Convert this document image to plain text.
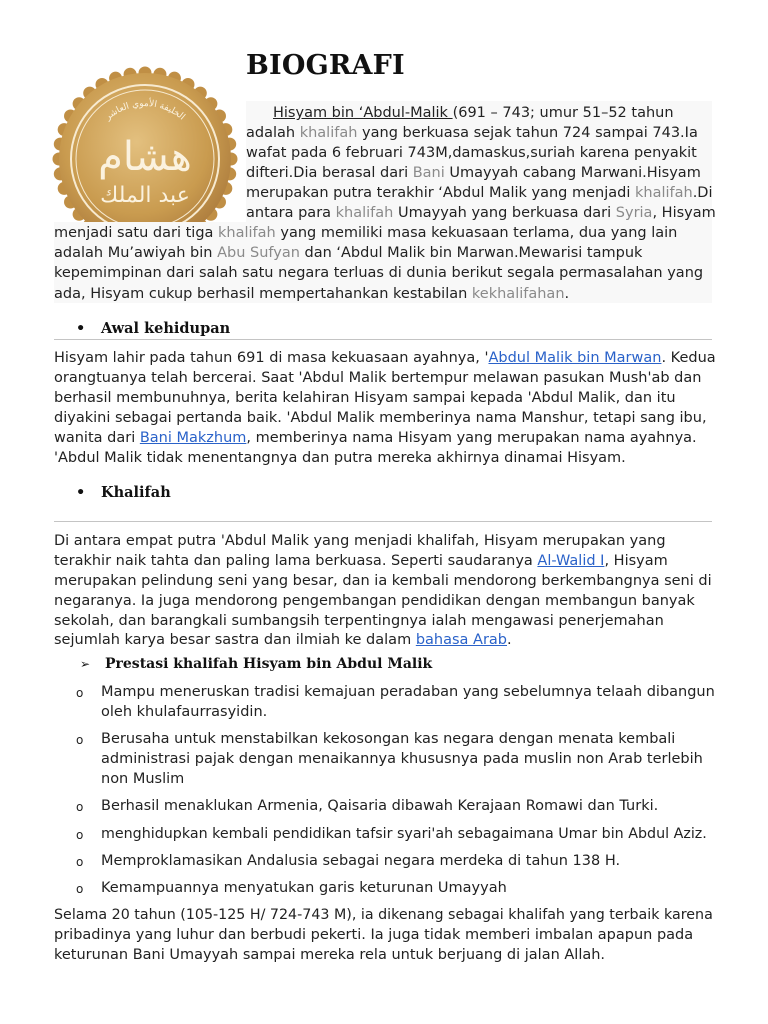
الخليفة الأموي العاشر
هشام
عبد الملك
BIOGRAFI
Hisyam bin ‘Abdul-Malik (691 – 743; umur 51–52 tahun
adalah khalifah yang berkuasa sejak tahun 724 sampai 743.Ia
wafat pada 6 februari 743M,damaskus,suriah karena penyakit
difteri.Dia berasal dari Bani Umayyah cabang Marwani.Hisyam
merupakan putra terakhir ‘Abdul Malik yang menjadi khalifah.Di
antara para khalifah Umayyah yang berkuasa dari Syria, Hisyam
menjadi satu dari tiga khalifah yang memiliki masa kekuasaan terlama, dua yang lain
adalah Mu’awiyah bin Abu Sufyan dan ‘Abdul Malik bin Marwan.Mewarisi tampuk
kepemimpinan dari salah satu negara terluas di dunia berikut segala permasalahan yang
ada, Hisyam cukup berhasil mempertahankan kestabilan kekhalifahan.
• Awal kehidupan
Hisyam lahir pada tahun 691 di masa kekuasaan ayahnya, 'Abdul Malik bin Marwan. Kedua
orangtuanya telah bercerai. Saat 'Abdul Malik bertempur melawan pasukan Mush'ab dan
berhasil membunuhnya, berita kelahiran Hisyam sampai kepada 'Abdul Malik, dan itu
diyakini sebagai pertanda baik. 'Abdul Malik memberinya nama Manshur, tetapi sang ibu,
wanita dari Bani Makzhum, memberinya nama Hisyam yang merupakan nama ayahnya.
'Abdul Malik tidak menentangnya dan putra mereka akhirnya dinamai Hisyam.
• Khalifah
Di antara empat putra 'Abdul Malik yang menjadi khalifah, Hisyam merupakan yang
terakhir naik tahta dan paling lama berkuasa. Seperti saudaranya Al-Walid I, Hisyam
merupakan pelindung seni yang besar, dan ia kembali mendorong berkembangnya seni di
negaranya. Ia juga mendorong pengembangan pendidikan dengan membangun banyak
sekolah, dan barangkali sumbangsih terpentingnya ialah mengawasi penerjemahan
sejumlah karya besar sastra dan ilmiah ke dalam bahasa Arab.
➢ Prestasi khalifah Hisyam bin Abdul Malik
o Mampu meneruskan tradisi kemajuan peradaban yang sebelumnya telaah dibangun
oleh khulafaurrasyidin.
o Berusaha untuk menstabilkan kekosongan kas negara dengan menata kembali
administrasi pajak dengan menaikannya khususnya pada muslin non Arab terlebih
non Muslim
o Berhasil menaklukan Armenia, Qaisaria dibawah Kerajaan Romawi dan Turki.
o menghidupkan kembali pendidikan tafsir syari'ah sebagaimana Umar bin Abdul Aziz.
o Memproklamasikan Andalusia sebagai negara merdeka di tahun 138 H.
o Kemampuannya menyatukan garis keturunan Umayyah
Selama 20 tahun (105-125 H/ 724-743 M), ia dikenang sebagai khalifah yang terbaik karena
pribadinya yang luhur dan berbudi pekerti. Ia juga tidak memberi imbalan apapun pada
keturunan Bani Umayyah sampai mereka rela untuk berjuang di jalan Allah.
